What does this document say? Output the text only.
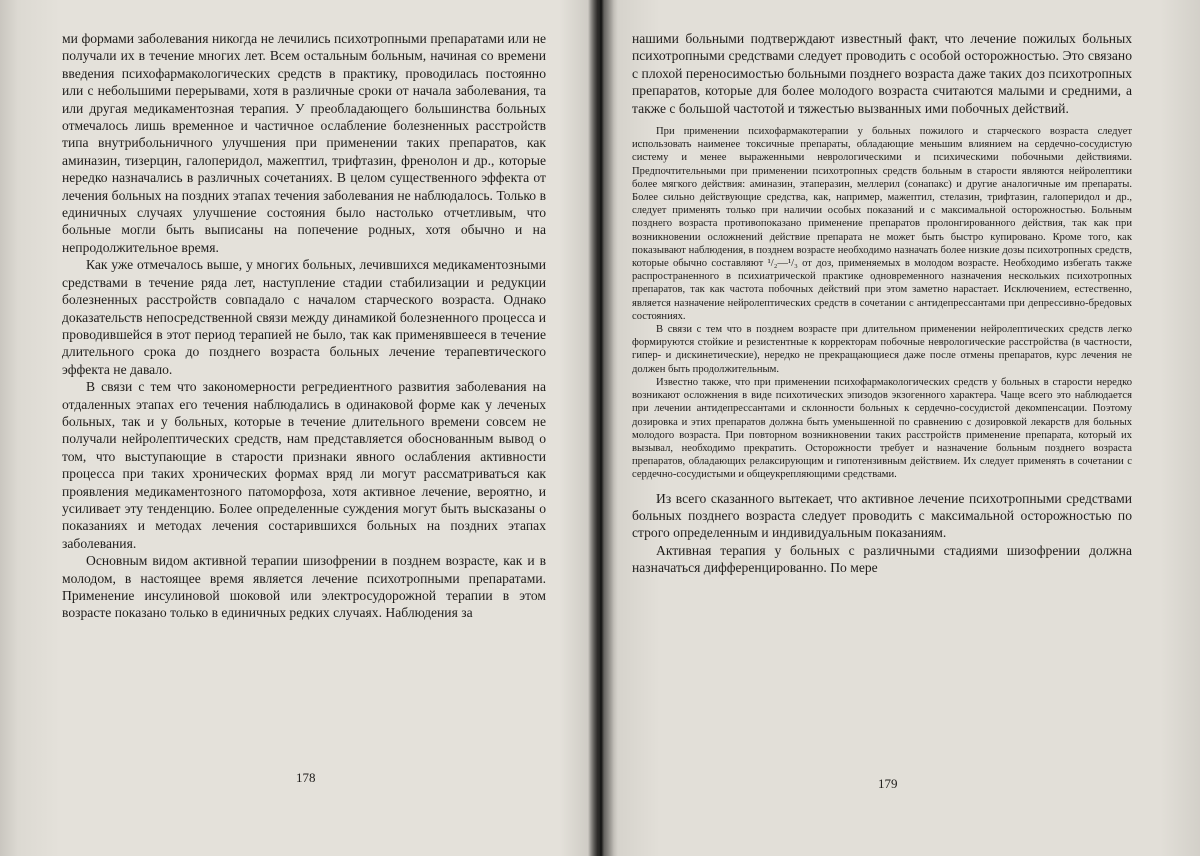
ми формами заболевания никогда не лечились психотропными препаратами или не получали их в течение многих лет. Всем остальным больным, начиная со времени введения психофармакологических средств в практику, проводилась постоянно или с небольшими перерывами, хотя в различные сроки от начала заболевания, та или другая медикаментозная терапия. У преобладающего большинства больных отмечалось лишь временное и частичное ослабление болезненных расстройств типа внутрибольничного улучшения при применении таких препаратов, как аминазин, тизерцин, галоперидол, мажептил, трифтазин, френолон и др., которые нередко назначались в различных сочетаниях. В целом существенного эффекта от лечения больных на поздних этапах течения заболевания не наблюдалось. Только в единичных случаях улучшение состояния было настолько отчетливым, что больные могли быть выписаны на попечение родных, хотя обычно и на непродолжительное время.

Как уже отмечалось выше, у многих больных, лечившихся медикаментозными средствами в течение ряда лет, наступление стадии стабилизации и редукции болезненных расстройств совпадало с началом старческого возраста. Однако доказательств непосредственной связи между динамикой болезненного процесса и проводившейся в этот период терапией не было, так как применявшееся в течение длительного срока до позднего возраста больных лечение терапевтического эффекта не давало.

В связи с тем что закономерности регредиентного развития заболевания на отдаленных этапах его течения наблюдались в одинаковой форме как у леченых больных, так и у больных, которые в течение длительного времени совсем не получали нейролептических средств, нам представляется обоснованным вывод о том, что выступающие в старости признаки явного ослабления активности процесса при таких хронических формах вряд ли могут рассматриваться как проявления медикаментозного патоморфоза, хотя активное лечение, вероятно, и усиливает эту тенденцию. Более определенные суждения могут быть высказаны о показаниях и методах лечения состарившихся больных на поздних этапах заболевания.

Основным видом активной терапии шизофрении в позднем возрасте, как и в молодом, в настоящее время является лечение психотропными препаратами. Применение инсулиновой шоковой или электросудорожной терапии в этом возрасте показано только в единичных редких случаях. Наблюдения за

178

нашими больными подтверждают известный факт, что лечение пожилых больных психотропными средствами следует проводить с особой осторожностью. Это связано с плохой переносимостью больными позднего возраста даже таких доз психотропных препаратов, которые для более молодого возраста считаются малыми и средними, а также с большой частотой и тяжестью вызванных ими побочных действий.

При применении психофармакотерапии у больных пожилого и старческого возраста следует использовать наименее токсичные препараты, обладающие меньшим влиянием на сердечно-сосудистую систему и менее выраженными неврологическими и психическими побочными действиями. Предпочтительными при применении психотропных средств больным в старости являются нейролептики более мягкого действия: аминазин, этаперазин, меллерил (сонапакс) и другие аналогичные им препараты. Более сильно действующие средства, как, например, мажептил, стелазин, трифтазин, галоперидол и др., следует применять только при наличии особых показаний и с максимальной осторожностью. Больным позднего возраста противопоказано применение препаратов пролонгированного действия, так как при возникновении осложнений действие препарата не может быть быстро купировано. Кроме того, как показывают наблюдения, в позднем возрасте необходимо назначать более низкие дозы психотропных средств, которые обычно составляют ¹/₂—¹/₃ от доз, применяемых в молодом возрасте. Необходимо избегать также распространенного в психиатрической практике одновременного назначения нескольких психотропных препаратов, так как частота побочных действий при этом заметно нарастает. Исключением, естественно, является назначение нейролептических средств в сочетании с антидепрессантами при депрессивно-бредовых состояниях.

В связи с тем что в позднем возрасте при длительном применении нейролептических средств легко формируются стойкие и резистентные к корректорам побочные неврологические расстройства (в частности, гипер- и дискинетические), нередко не прекращающиеся даже после отмены препаратов, курс лечения не должен быть продолжительным.

Известно также, что при применении психофармакологических средств у больных в старости нередко возникают осложнения в виде психотических эпизодов экзогенного характера. Чаще всего это наблюдается при лечении антидепрессантами и склонности больных к сердечно-сосудистой декомпенсации. Поэтому дозировка и этих препаратов должна быть уменьшенной по сравнению с дозировкой лекарств для больных молодого возраста. При повторном возникновении таких расстройств применение препарата, который их вызывал, необходимо прекратить. Осторожности требует и назначение больным позднего возраста препаратов, обладающих релаксирующим и гипотензивным действием. Их следует применять в сочетании с сердечно-сосудистыми и общеукрепляющими средствами.

Из всего сказанного вытекает, что активное лечение психотропными средствами больных позднего возраста следует проводить с максимальной осторожностью по строго определенным и индивидуальным показаниям.

Активная терапия у больных с различными стадиями шизофрении должна назначаться дифференцированно. По мере

179
